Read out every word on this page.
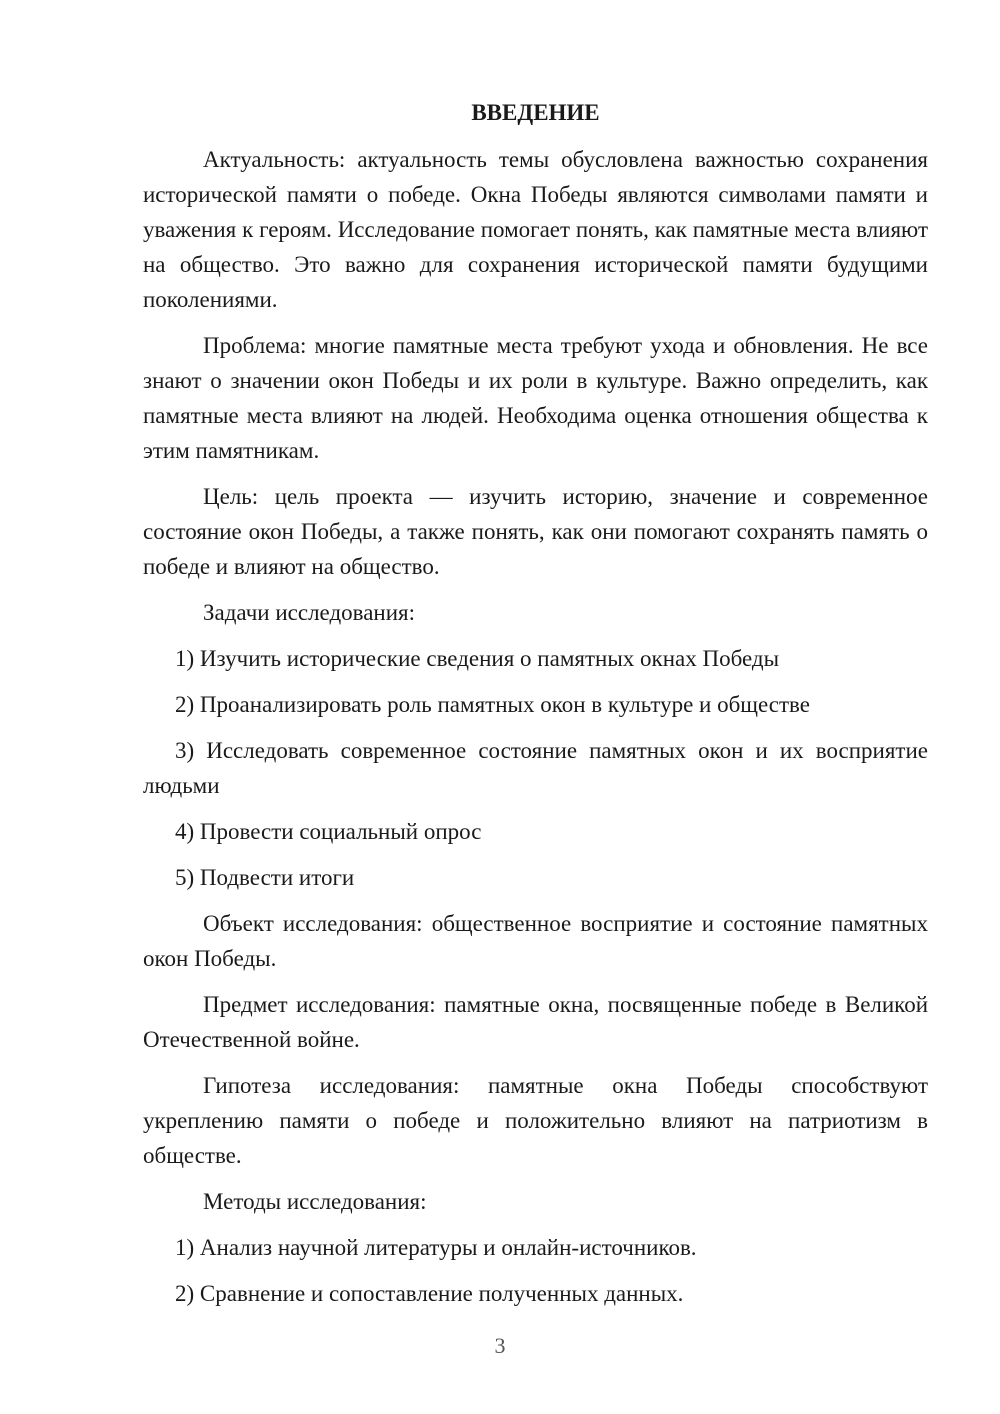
ВВЕДЕНИЕ

Актуальность: актуальность темы обусловлена важностью сохранения исторической памяти о победе. Окна Победы являются символами памяти и уважения к героям. Исследование помогает понять, как памятные места влияют на общество. Это важно для сохранения исторической памяти будущими поколениями.

Проблема: многие памятные места требуют ухода и обновления. Не все знают о значении окон Победы и их роли в культуре. Важно определить, как памятные места влияют на людей. Необходима оценка отношения общества к этим памятникам.

Цель: цель проекта — изучить историю, значение и современное состояние окон Победы, а также понять, как они помогают сохранять память о победе и влияют на общество.

Задачи исследования:

1) Изучить исторические сведения о памятных окнах Победы

2) Проанализировать роль памятных окон в культуре и обществе

3) Исследовать современное состояние памятных окон и их восприятие людьми

4) Провести социальный опрос

5) Подвести итоги

Объект исследования: общественное восприятие и состояние памятных окон Победы.

Предмет исследования: памятные окна, посвященные победе в Великой Отечественной войне.

Гипотеза исследования: памятные окна Победы способствуют укреплению памяти о победе и положительно влияют на патриотизм в обществе.

Методы исследования:

1) Анализ научной литературы и онлайн-источников.

2) Сравнение и сопоставление полученных данных.

3
